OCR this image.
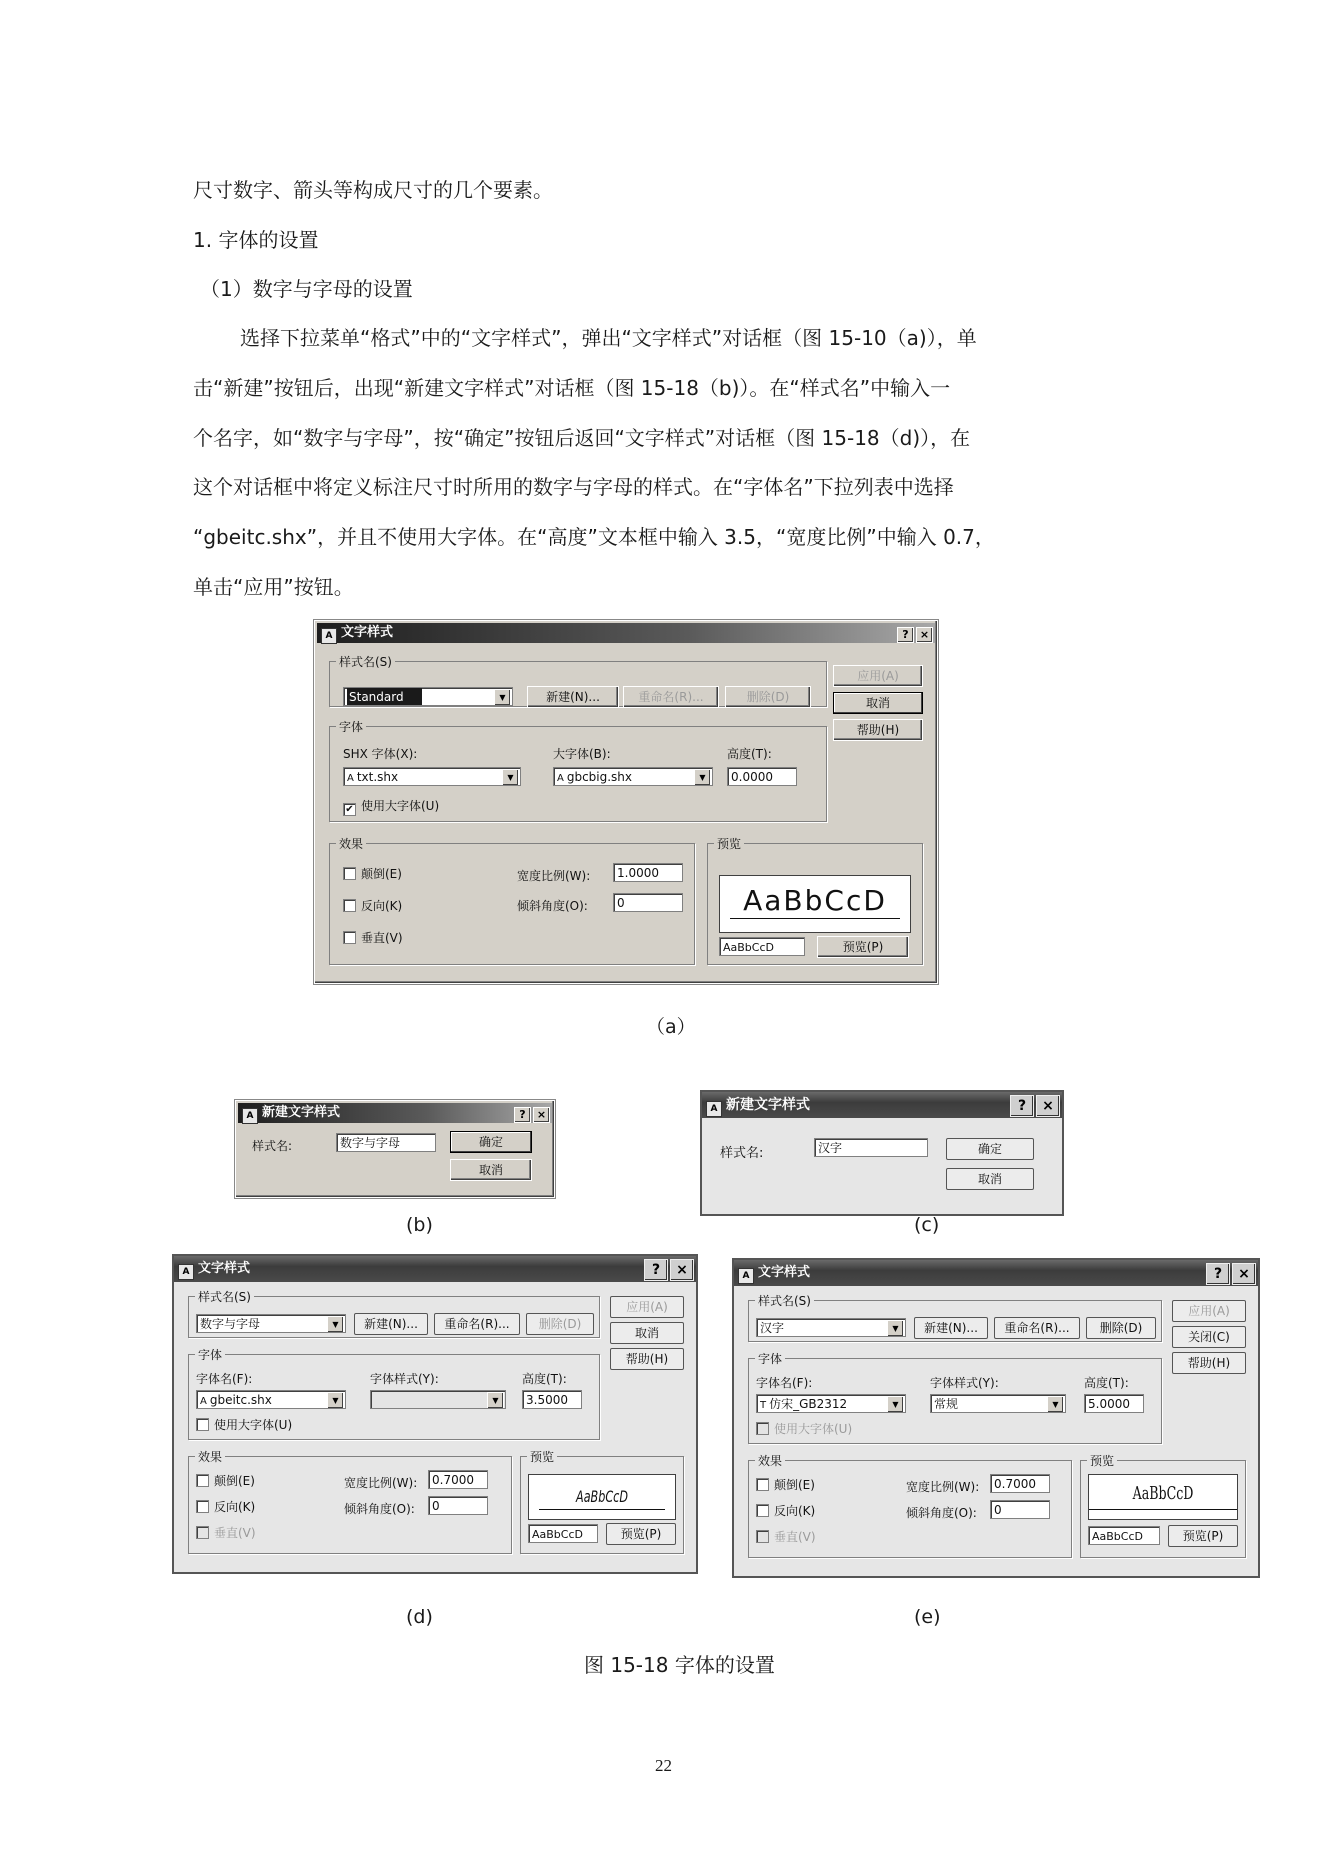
尺寸数字、箭头等构成尺寸的几个要素。

1. 字体的设置

（1）数字与字母的设置

选择下拉菜单“格式”中的“文字样式”，弹出“文字样式”对话框（图 15-10（a)），单

击“新建”按钮后，出现“新建文字样式”对话框（图 15-18（b)）。在“样式名”中输入一

个名字，如“数字与字母”，按“确定”按钮后返回“文字样式”对话框（图 15-18（d)），在

这个对话框中将定义标注尺寸时所用的数字与字母的样式。在“字体名”下拉列表中选择

“gbeitc.shx”，并且不使用大字体。在“高度”文本框中输入 3.5，“宽度比例”中输入 0.7，

单击“应用”按钮。

A 文字样式	? ×
样式名(S)
Standard	▼	新建(N)...	重命名(R)...	删除(D)
应用(A)
取消
帮助(H)
字体
SHX 字体(X):
A txt.shx	▼
大字体(B):
A gbcbig.shx	▼
高度(T):
0.0000
✔ 使用大字体(U)
效果
颠倒(E)
反向(K)
垂直(V)
宽度比例(W):	1.0000
倾斜角度(O):	0
预览
AaBbCcD
AaBbCcD	预览(P)
（a）
A 新建文字样式	? ×
样式名:	数字与字母	确定
取消
(b)
A 新建文字样式	? ×
样式名:	汉字	确定
取消
(c)
A 文字样式	? ×
样式名(S)
数字与字母	▼	新建(N)...	重命名(R)...	删除(D)
应用(A)
取消
帮助(H)
字体
字体名(F):
A gbeitc.shx	▼
字体样式(Y):
▼
高度(T):
3.5000
使用大字体(U)
效果
颠倒(E)
反向(K)
垂直(V)
宽度比例(W):	0.7000
倾斜角度(O):	0
预览
AaBbCcD
AaBbCcD	预览(P)
(d)
A 文字样式	? ×
样式名(S)
汉字	▼	新建(N)...	重命名(R)...	删除(D)
应用(A)
关闭(C)
帮助(H)
字体
字体名(F):
T 仿宋_GB2312	▼
字体样式(Y):
常规	▼
高度(T):
5.0000
使用大字体(U)
效果
颠倒(E)
反向(K)
垂直(V)
宽度比例(W):	0.7000
倾斜角度(O):	0
预览
AaBbCcD
AaBbCcD	预览(P)
(e)
图 15-18 字体的设置
22
